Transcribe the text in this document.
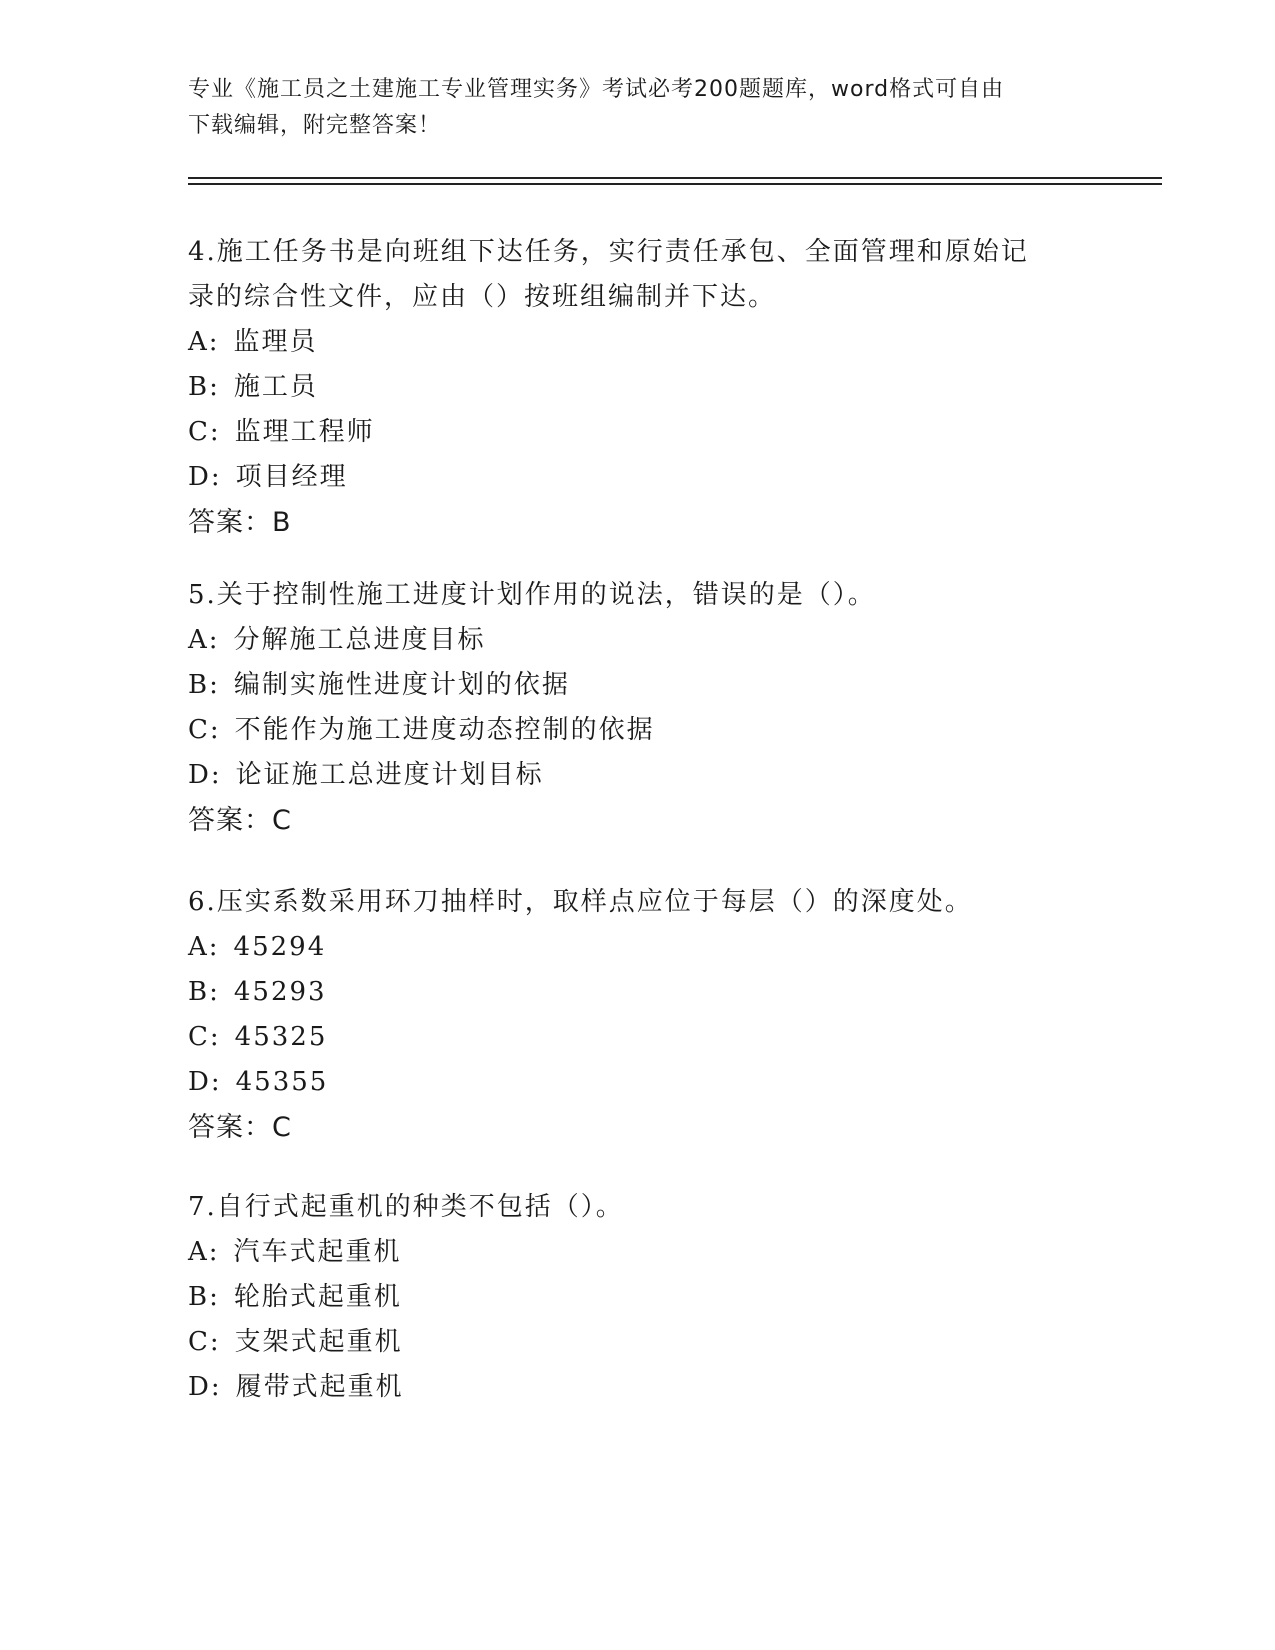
专业《施工员之土建施工专业管理实务》考试必考200题题库，word格式可自由
下载编辑，附完整答案！

4.施工任务书是向班组下达任务，实行责任承包、全面管理和原始记

录的综合性文件，应由（）按班组编制并下达。

A: 监理员

B: 施工员

C: 监理工程师

D: 项目经理

答案：B

5.关于控制性施工进度计划作用的说法，错误的是（）。

A: 分解施工总进度目标

B: 编制实施性进度计划的依据

C: 不能作为施工进度动态控制的依据

D: 论证施工总进度计划目标

答案：C

6.压实系数采用环刀抽样时，取样点应位于每层（）的深度处。

A: 45294

B: 45293

C: 45325

D: 45355

答案：C

7.自行式起重机的种类不包括（）。

A: 汽车式起重机

B: 轮胎式起重机

C: 支架式起重机

D: 履带式起重机
